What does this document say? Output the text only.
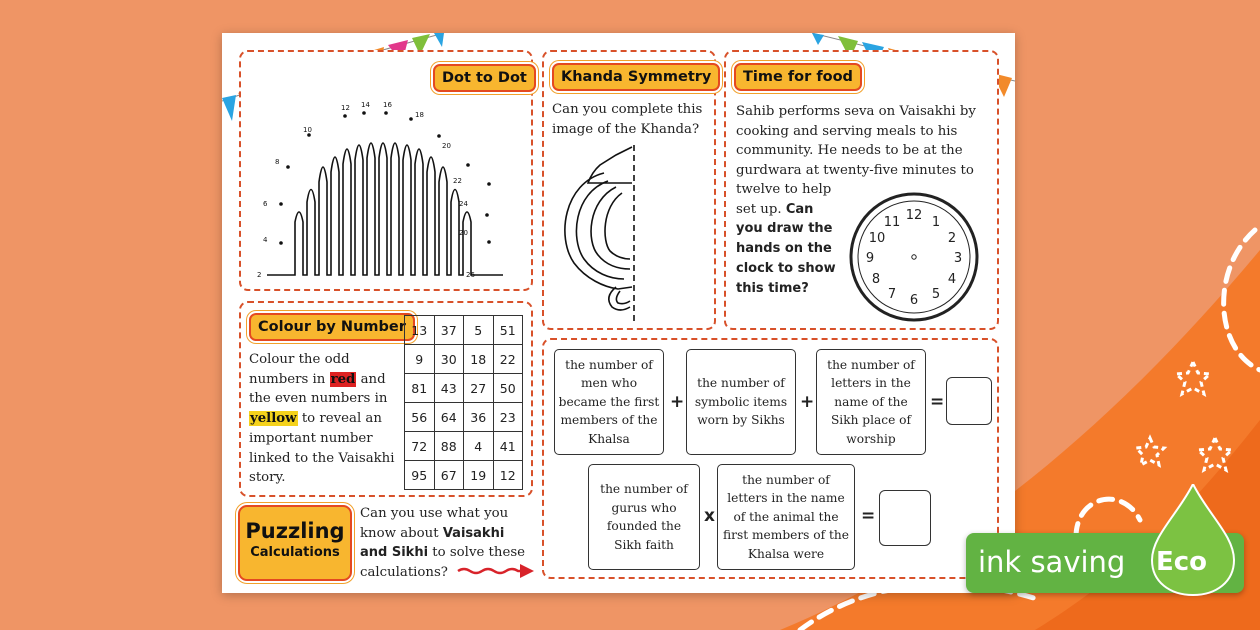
Dot to Dot
10
12 14 16
18
20
22
24
20
26
8
6
4
2
Khanda Symmetry
Can you complete this image of the Khanda?
Time for food
Sahib performs seva on Vaisakhi by cooking and serving meals to his community. He needs to be at the gurdwara at twenty-five minutes to
twelve to help
set up. Can you draw the hands on the clock to show this time?
12 1
2
3
4
5
6
7
8
9
10
11
Colour by Number
Colour the odd numbers in red and the even numbers in yellow to reveal an important number linked to the Vaisakhi story.
13	37	5	51
9	30	18	22
81	43	27	50
56	64	36	23
72	88	4	41
95	67	19	12
Puzzling
Calculations
Can you use what you know about Vaisakhi and Sikhi to solve these calculations?
the number of men who became the first members of the Khalsa
+
the number of symbolic items worn by Sikhs
+
the number of letters in the name of the Sikh place of worship
=
the number of gurus who founded the Sikh faith
x
the number of letters in the name of the animal the first members of the Khalsa were
=
ink saving Eco
